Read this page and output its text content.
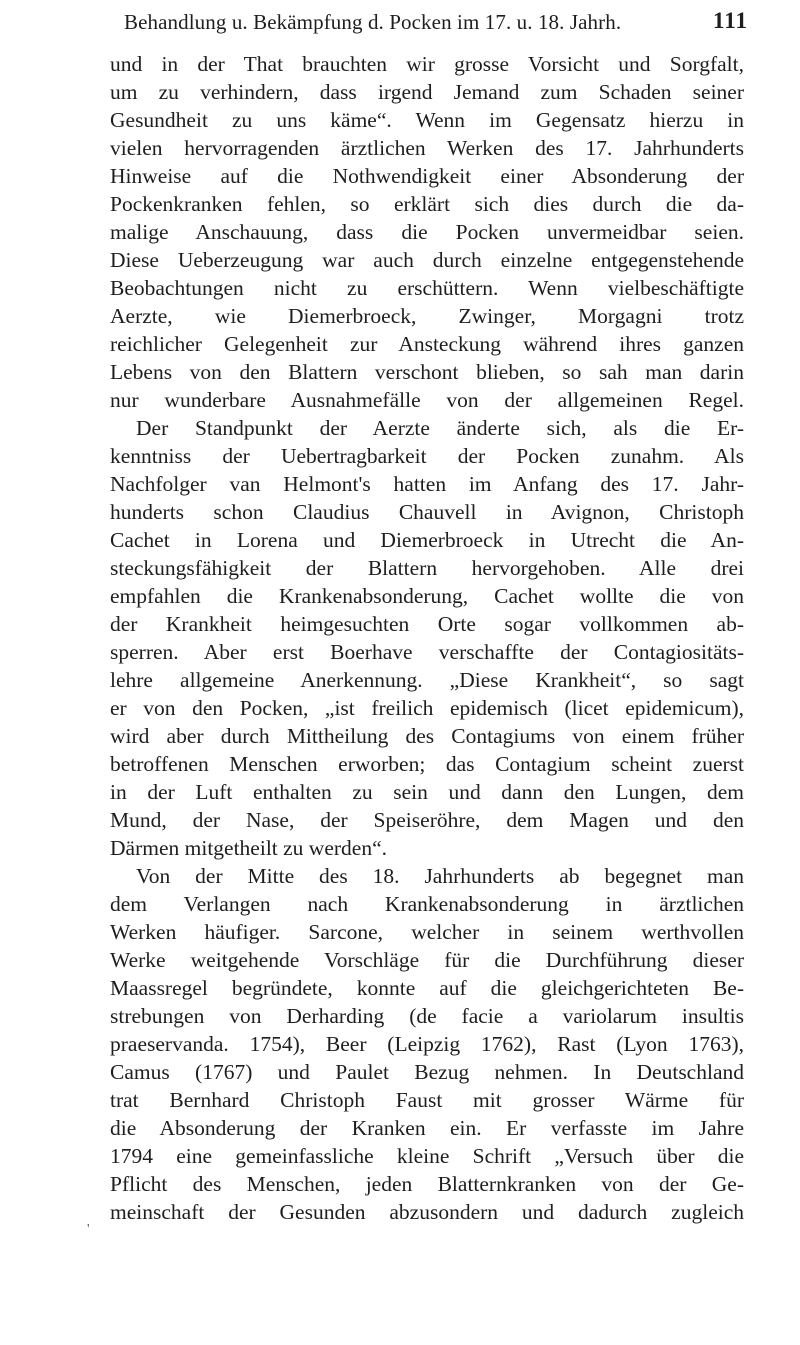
Behandlung u. Bekämpfung d. Pocken im 17. u. 18. Jahrh.	111
und in der That brauchten wir grosse Vorsicht und Sorgfalt,
um zu verhindern, dass irgend Jemand zum Schaden seiner
Gesundheit zu uns käme“. Wenn im Gegensatz hierzu in
vielen hervorragenden ärztlichen Werken des 17. Jahrhunderts
Hinweise auf die Nothwendigkeit einer Absonderung der
Pockenkranken fehlen, so erklärt sich dies durch die da-
malige Anschauung, dass die Pocken unvermeidbar seien.
Diese Ueberzeugung war auch durch einzelne entgegenstehende
Beobachtungen nicht zu erschüttern. Wenn vielbeschäftigte
Aerzte, wie Diemerbroeck, Zwinger, Morgagni trotz
reichlicher Gelegenheit zur Ansteckung während ihres ganzen
Lebens von den Blattern verschont blieben, so sah man darin
nur wunderbare Ausnahmefälle von der allgemeinen Regel.
Der Standpunkt der Aerzte änderte sich, als die Er-
kenntniss der Uebertragbarkeit der Pocken zunahm. Als
Nachfolger van Helmont's hatten im Anfang des 17. Jahr-
hunderts schon Claudius Chauvell in Avignon, Christoph
Cachet in Lorena und Diemerbroeck in Utrecht die An-
steckungsfähigkeit der Blattern hervorgehoben. Alle drei
empfahlen die Krankenabsonderung, Cachet wollte die von
der Krankheit heimgesuchten Orte sogar vollkommen ab-
sperren. Aber erst Boerhave verschaffte der Contagiositäts-
lehre allgemeine Anerkennung. „Diese Krankheit“, so sagt
er von den Pocken, „ist freilich epidemisch (licet epidemicum),
wird aber durch Mittheilung des Contagiums von einem früher
betroffenen Menschen erworben; das Contagium scheint zuerst
in der Luft enthalten zu sein und dann den Lungen, dem
Mund, der Nase, der Speiseröhre, dem Magen und den
Därmen mitgetheilt zu werden“.
Von der Mitte des 18. Jahrhunderts ab begegnet man
dem Verlangen nach Krankenabsonderung in ärztlichen
Werken häufiger. Sarcone, welcher in seinem werthvollen
Werke weitgehende Vorschläge für die Durchführung dieser
Maassregel begründete, konnte auf die gleichgerichteten Be-
strebungen von Derharding (de facie a variolarum insultis
praeservanda. 1754), Beer (Leipzig 1762), Rast (Lyon 1763),
Camus (1767) und Paulet Bezug nehmen. In Deutschland
trat Bernhard Christoph Faust mit grosser Wärme für
die Absonderung der Kranken ein. Er verfasste im Jahre
1794 eine gemeinfassliche kleine Schrift „Versuch über die
Pflicht des Menschen, jeden Blatternkranken von der Ge-
meinschaft der Gesunden abzusondern und dadurch zugleich
'
